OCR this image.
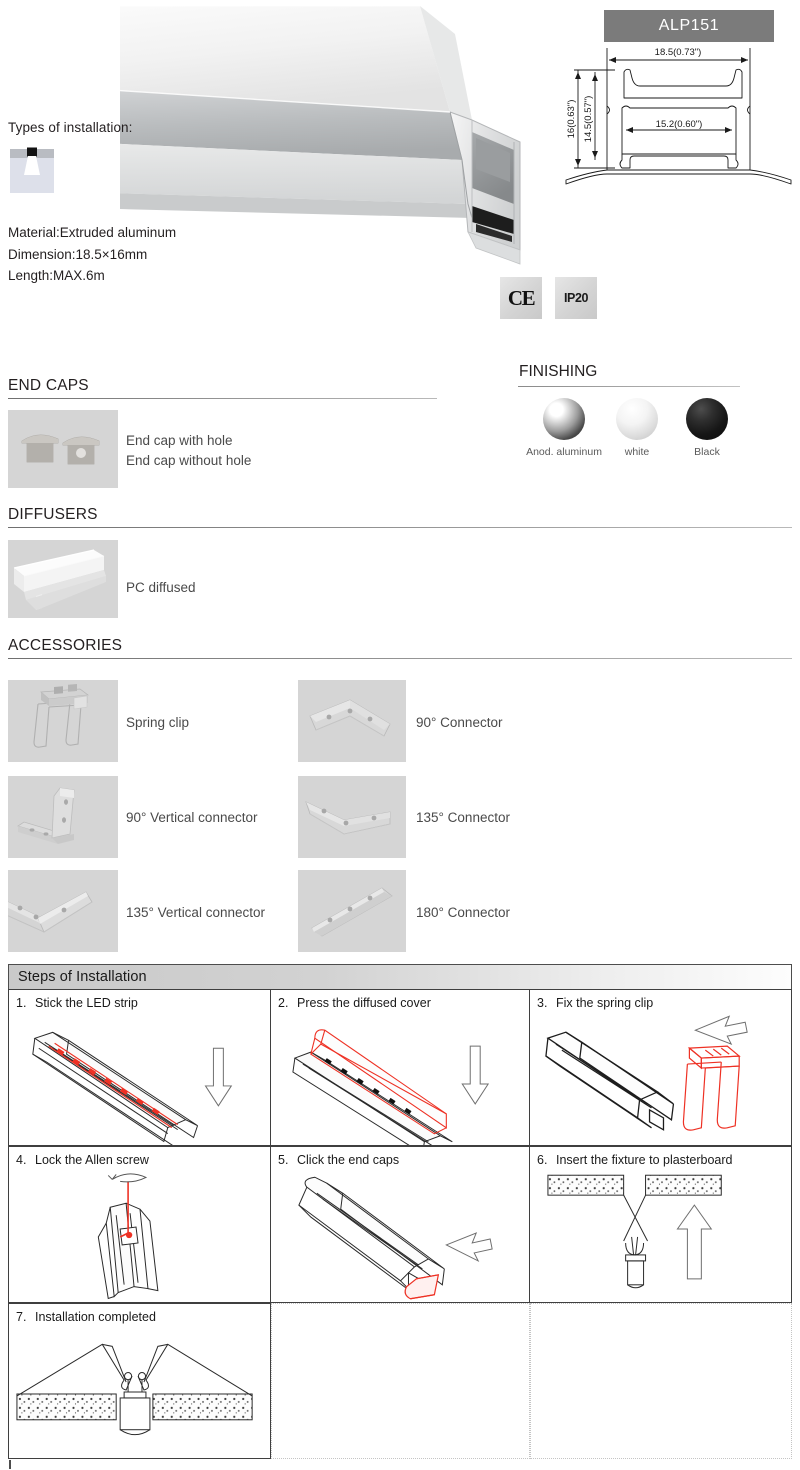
Types of installation:
Material:Extruded aluminum
Dimension:18.5×16mm
Length:MAX.6m
ALP151
18.5(0.73")
15.2(0.60")
16(0.63") 14.5(0.57")
CE IP20
END CAPS
End cap with hole
End cap without hole
DIFFUSERS
PC diffused
ACCESSORIES
Spring clip	90° Connector
90° Vertical connector	135° Connector
135° Vertical connector	180° Connector
FINISHING
Anod. aluminum	white	Black
Steps of Installation
1. Stick the LED strip	2. Press the diffused cover	3. Fix the spring clip
4. Lock the Allen screw	5. Click the end caps	6. Insert the fixture to plasterboard
7. Installation completed
